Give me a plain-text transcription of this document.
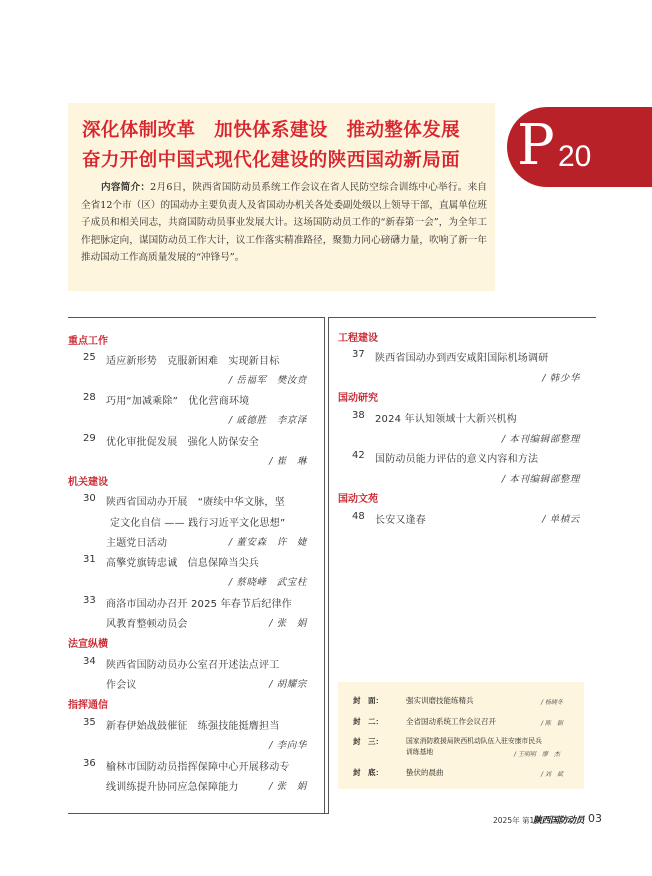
深化体制改革　加快体系建设　推动整体发展
奋力开创中国式现代化建设的陕西国动新局面
内容简介：2月6日，陕西省国防动员系统工作会议在省人民防空综合训练中心举行。来自全省12个市（区）的国动办主要负责人及省国动办机关各处委副处级以上领导干部，直属单位班子成员和相关同志，共商国防动员事业发展大计。这场国防动员工作的“新春第一会”，为全年工作把脉定向，谋国防动员工作大计，议工作落实精准路径，聚勠力同心磅礴力量，吹响了新一年推动国动工作高质量发展的“冲锋号”。
P 20
重点工作
25 适应新形势　克服新困难　实现新目标
/ 岳福军　樊汝贲
28 巧用“加减乘除”　优化营商环境
/ 戚德胜　李京泽
29 优化审批促发展　强化人防保安全
/ 崔　琳
机关建设
30 陕西省国动办开展　“赓续中华文脉，坚
定文化自信 —— 践行习近平文化思想”
主题党日活动	/ 董安森　许　婕
31 高擎党旗铸忠诚　信息保障当尖兵
/ 蔡晓峰　武宝柱
33 商洛市国动办召开 2025 年春节后纪律作
风教育整顿动员会	/ 张　娟
法宣纵横
34 陕西省国防动员办公室召开述法点评工
作会议	/ 胡耀宗
指挥通信
35 新春伊始战鼓催征　练强技能挺膺担当
/ 李向华
36 榆林市国防动员指挥保障中心开展移动专
线训练提升协同应急保障能力	/ 张　娟
工程建设
37 陕西省国动办到西安咸阳国际机场调研
/ 韩少华
国动研究
38 2024 年认知领域十大新兴机构
/ 本刊编辑部整理
42 国防动员能力评估的意义内容和方法
/ 本刊编辑部整理
国动文苑
48 长安又逢春	/ 单楨云
封　面：	强实训磨技能练精兵	/ 杨晓冬
封　二：	全省国动系统工作会议召开	/ 陈　朝
封　三：	国家消防救援局陕西机动队伍入驻安康市民兵
训练基地	/ 王明明　廖　杰
封　底：	蛰伏的晨曲	/ 刘　斌
2025年 第1期
陕西国防动员 03
